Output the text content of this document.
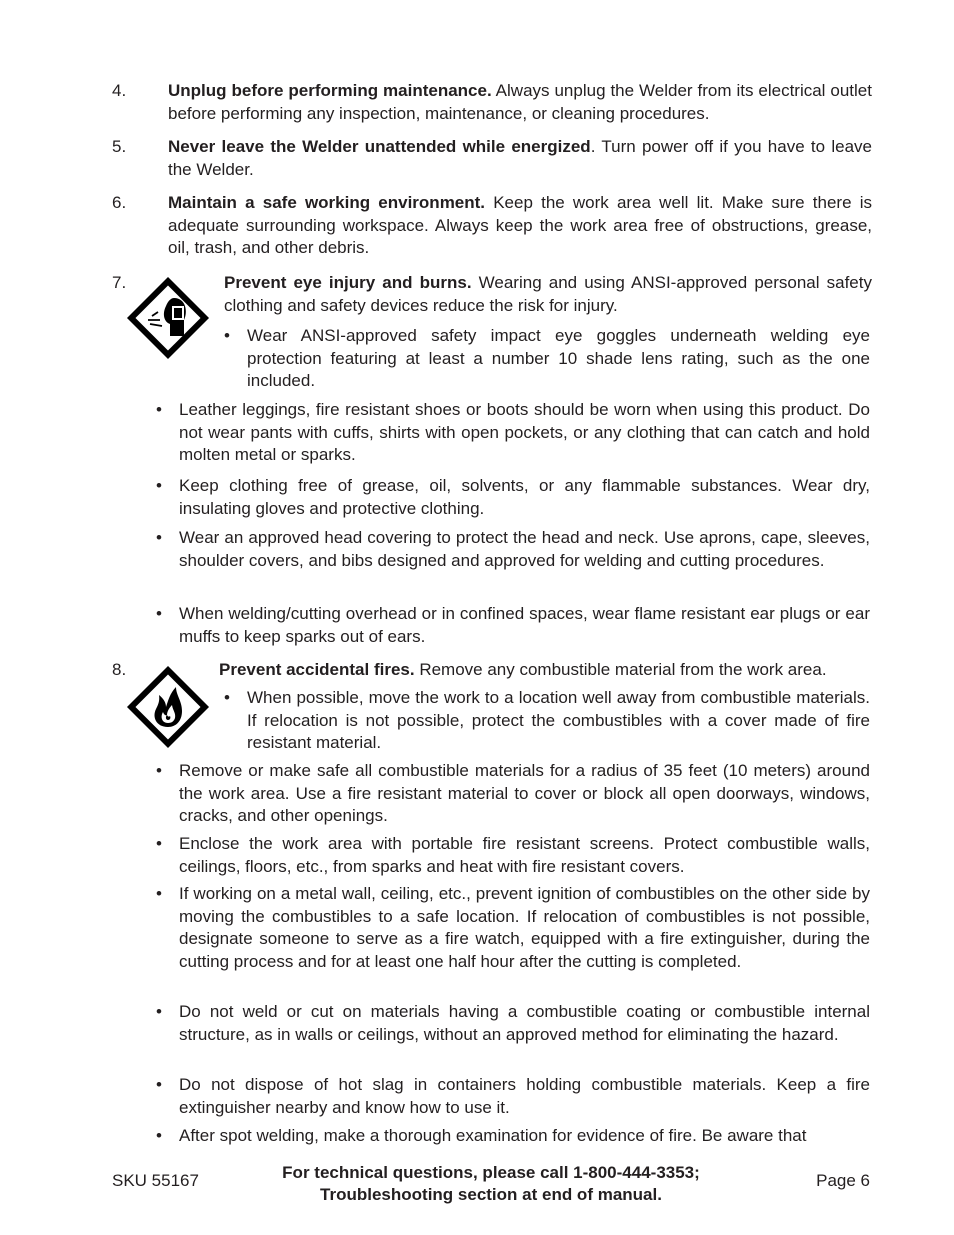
4. Unplug before performing maintenance. Always unplug the Welder from its electrical outlet before performing any inspection, maintenance, or cleaning procedures.
5. Never leave the Welder unattended while energized. Turn power off if you have to leave the Welder.
6. Maintain a safe working environment. Keep the work area well lit. Make sure there is adequate surrounding workspace. Always keep the work area free of obstructions, grease, oil, trash, and other debris.
7.	Prevent eye injury and burns. Wearing and using ANSI-approved personal safety clothing and safety devices reduce the risk for injury.
• Wear ANSI-approved safety impact eye goggles underneath welding eye protection featuring at least a number 10 shade lens rating, such as the one included.
• Leather leggings, fire resistant shoes or boots should be worn when using this product. Do not wear pants with cuffs, shirts with open pockets, or any clothing that can catch and hold molten metal or sparks.
• Keep clothing free of grease, oil, solvents, or any flammable substances. Wear dry, insulating gloves and protective clothing.
• Wear an approved head covering to protect the head and neck. Use aprons, cape, sleeves, shoulder covers, and bibs designed and approved for welding and cutting procedures.
• When welding/cutting overhead or in confined spaces, wear flame resistant ear plugs or ear muffs to keep sparks out of ears.
8.	Prevent accidental fires. Remove any combustible material from the work area.
• When possible, move the work to a location well away from combustible materials. If relocation is not possible, protect the combustibles with a cover made of fire resistant material.
• Remove or make safe all combustible materials for a radius of 35 feet (10 meters) around the work area. Use a fire resistant material to cover or block all open doorways, windows, cracks, and other openings.
• Enclose the work area with portable fire resistant screens. Protect combustible walls, ceilings, floors, etc., from sparks and heat with fire resistant covers.
• If working on a metal wall, ceiling, etc., prevent ignition of combustibles on the other side by moving the combustibles to a safe location. If relocation of combustibles is not possible, designate someone to serve as a fire watch, equipped with a fire extinguisher, during the cutting process and for at least one half hour after the cutting is completed.
• Do not weld or cut on materials having a combustible coating or combustible internal structure, as in walls or ceilings, without an approved method for eliminating the hazard.
• Do not dispose of hot slag in containers holding combustible materials. Keep a fire extinguisher nearby and know how to use it.
• After spot welding, make a thorough examination for evidence of fire. Be aware that
SKU 55167	For technical questions, please call 1-800-444-3353;
Troubleshooting section at end of manual.
Page 6
